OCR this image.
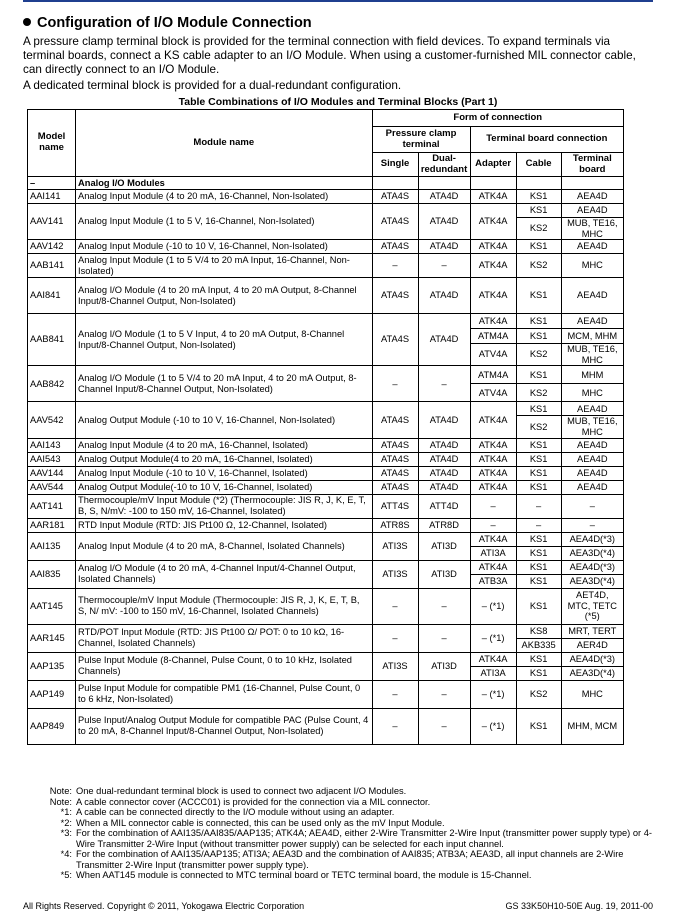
Configuration of I/O Module Connection
A pressure clamp terminal block is provided for the terminal connection with field devices. To expand terminals via terminal boards, connect a KS cable adapter to an I/O Module. When using a customer-furnished MIL connector cable, can directly connect to an I/O Module.
A dedicated terminal block is provided for a dual-redundant configuration.
Table Combinations of I/O Modules and Terminal Blocks (Part 1)
Model name	Module name	Form of connection				
		Pressure clamp terminal		Terminal board connection		
		Single	Dual-redundant	Adapter	Cable	Terminal board
–	Analog I/O Modules					
AAI141	Analog Input Module (4 to 20 mA, 16-Channel, Non-Isolated)	ATA4S	ATA4D	ATK4A	KS1	AEA4D
AAV141	Analog Input Module (1 to 5 V, 16-Channel, Non-Isolated)	ATA4S	ATA4D	ATK4A	KS1	AEA4D
					KS2	MUB, TE16, MHC
AAV142	Analog Input Module (-10 to 10 V, 16-Channel, Non-Isolated)	ATA4S	ATA4D	ATK4A	KS1	AEA4D
AAB141	Analog Input Module (1 to 5 V/4 to 20 mA Input, 16-Channel, Non-Isolated)	–	–	ATK4A	KS2	MHC
AAI841	Analog I/O Module (4 to 20 mA Input, 4 to 20 mA Output, 8-Channel Input/8-Channel Output, Non-Isolated)	ATA4S	ATA4D	ATK4A	KS1	AEA4D
AAB841	Analog I/O Module (1 to 5 V Input, 4 to 20 mA Output, 8-Channel Input/8-Channel Output, Non-Isolated)	ATA4S	ATA4D	ATK4A	KS1	AEA4D
				ATM4A	KS1	MCM, MHM
				ATV4A	KS2	MUB, TE16, MHC
AAB842	Analog I/O Module (1 to 5 V/4 to 20 mA Input, 4 to 20 mA Output, 8-Channel Input/8-Channel Output, Non-Isolated)	–	–	ATM4A	KS1	MHM
				ATV4A	KS2	MHC
AAV542	Analog Output Module (-10 to 10 V, 16-Channel, Non-Isolated)	ATA4S	ATA4D	ATK4A	KS1	AEA4D
					KS2	MUB, TE16, MHC
AAI143	Analog Input Module (4 to 20 mA, 16-Channel, Isolated)	ATA4S	ATA4D	ATK4A	KS1	AEA4D
AAI543	Analog Output Module(4 to 20 mA, 16-Channel, Isolated)	ATA4S	ATA4D	ATK4A	KS1	AEA4D
AAV144	Analog Input Module (-10 to 10 V, 16-Channel, Isolated)	ATA4S	ATA4D	ATK4A	KS1	AEA4D
AAV544	Analog Output Module(-10 to 10 V, 16-Channel, Isolated)	ATA4S	ATA4D	ATK4A	KS1	AEA4D
AAT141	Thermocouple/mV Input Module (*2) (Thermocouple: JIS R, J, K, E, T, B, S, N/mV: -100 to 150 mV, 16-Channel, Isolated)	ATT4S	ATT4D	–	–	–
AAR181	RTD Input Module (RTD: JIS Pt100 Ω, 12-Channel, Isolated)	ATR8S	ATR8D	–	–	–
AAI135	Analog Input Module (4 to 20 mA, 8-Channel, Isolated Channels)	ATI3S	ATI3D	ATK4A	KS1	AEA4D(*3)
				ATI3A	KS1	AEA3D(*4)
AAI835	Analog I/O Module (4 to 20 mA, 4-Channel Input/4-Channel Output, Isolated Channels)	ATI3S	ATI3D	ATK4A	KS1	AEA4D(*3)
				ATB3A	KS1	AEA3D(*4)
AAT145	Thermocouple/mV Input Module (Thermocouple: JIS R, J, K, E, T, B, S, N/ mV: -100 to 150 mV, 16-Channel, Isolated Channels)	–	–	– (*1)	KS1	AET4D, MTC, TETC (*5)
AAR145	RTD/POT Input Module (RTD: JIS Pt100 Ω/ POT: 0 to 10 kΩ, 16-Channel, Isolated Channels)	–	–	– (*1)	KS8	MRT, TERT
					AKB335	AER4D
AAP135	Pulse Input Module (8-Channel, Pulse Count, 0 to 10 kHz, Isolated Channels)	ATI3S	ATI3D	ATK4A	KS1	AEA4D(*3)
				ATI3A	KS1	AEA3D(*4)
AAP149	Pulse Input Module for compatible PM1 (16-Channel, Pulse Count, 0 to 6 kHz, Non-Isolated)	–	–	– (*1)	KS2	MHC
AAP849	Pulse Input/Analog Output Module for compatible PAC (Pulse Count, 4 to 20 mA, 8-Channel Input/8-Channel Output, Non-Isolated)	–	–	– (*1)	KS1	MHM, MCM
Note: One dual-redundant terminal block is used to connect two adjacent I/O Modules.
Note: A cable connector cover (ACCC01) is provided for the connection via a MIL connector.
*1: A cable can be connected directly to the I/O module without using an adapter.
*2: When a MIL connector cable is connected, this can be used only as the mV Input Module.
*3: For the combination of AAI135/AAI835/AAP135; ATK4A; AEA4D, either 2-Wire Transmitter 2-Wire Input (transmitter power supply type) or 4-Wire Transmitter 2-Wire Input (without transmitter power supply) can be selected for each input channel.
*4: For the combination of AAI135/AAP135; ATI3A; AEA3D and the combination of AAI835; ATB3A; AEA3D, all input channels are 2-Wire Transmitter 2-Wire Input (transmitter power supply type).
*5: When AAT145 module is connected to MTC terminal board or TETC terminal board, the module is 15-Channel.
All Rights Reserved. Copyright © 2011, Yokogawa Electric Corporation	GS 33K50H10-50E Aug. 19, 2011-00
